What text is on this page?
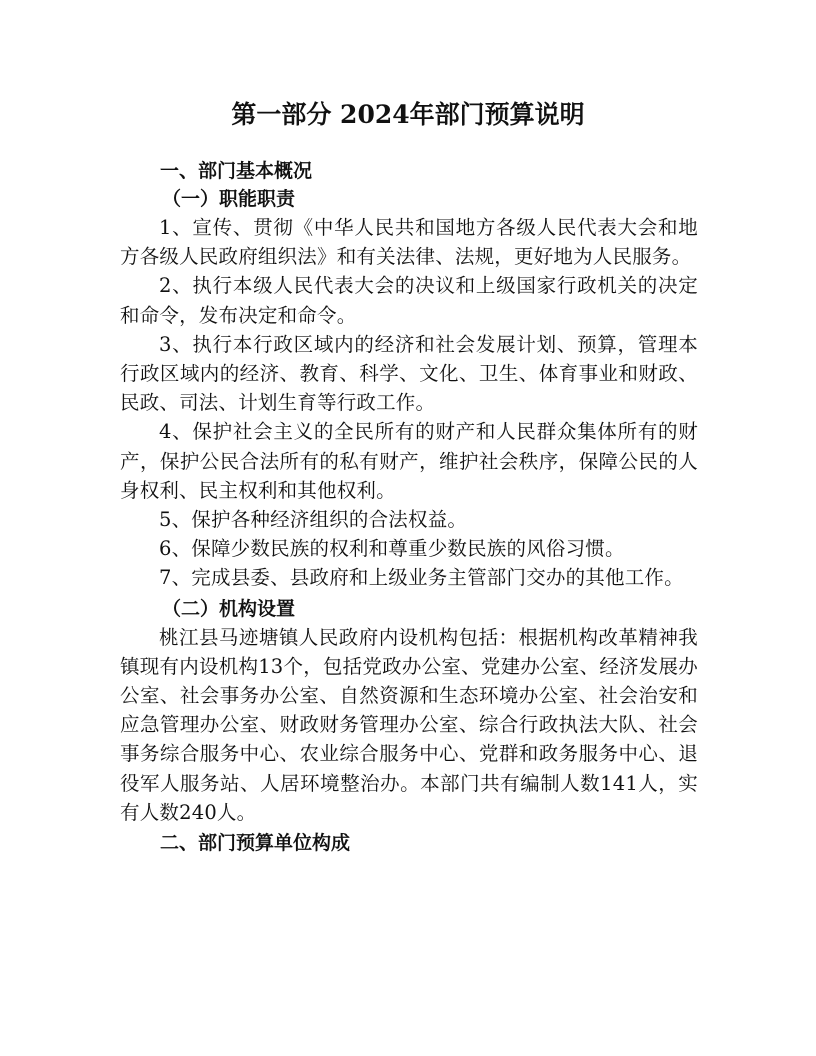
第一部分 2024年部门预算说明

一、部门基本概况

（一）职能职责

1、宣传、贯彻《中华人民共和国地方各级人民代表大会和地方各级人民政府组织法》和有关法律、法规，更好地为人民服务。

2、执行本级人民代表大会的决议和上级国家行政机关的决定和命令，发布决定和命令。

3、执行本行政区域内的经济和社会发展计划、预算，管理本行政区域内的经济、教育、科学、文化、卫生、体育事业和财政、民政、司法、计划生育等行政工作。

4、保护社会主义的全民所有的财产和人民群众集体所有的财产，保护公民合法所有的私有财产，维护社会秩序，保障公民的人身权利、民主权利和其他权利。

5、保护各种经济组织的合法权益。

6、保障少数民族的权利和尊重少数民族的风俗习惯。

7、完成县委、县政府和上级业务主管部门交办的其他工作。

（二）机构设置

桃江县马迹塘镇人民政府内设机构包括：根据机构改革精神我镇现有内设机构13个，包括党政办公室、党建办公室、经济发展办公室、社会事务办公室、自然资源和生态环境办公室、社会治安和应急管理办公室、财政财务管理办公室、综合行政执法大队、社会事务综合服务中心、农业综合服务中心、党群和政务服务中心、退役军人服务站、人居环境整治办。本部门共有编制人数141人，实有人数240人。

二、部门预算单位构成
